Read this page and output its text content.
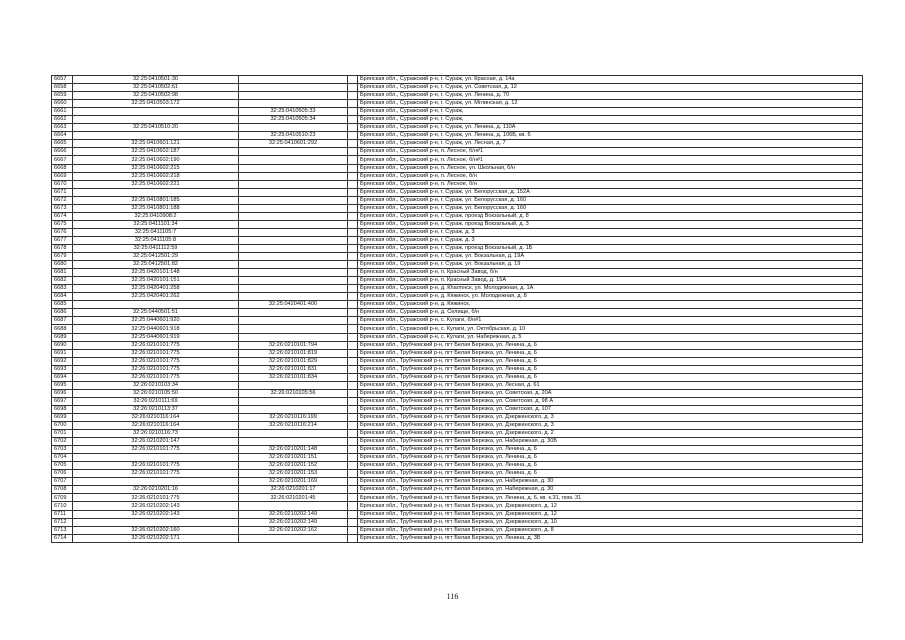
6657	32:25:0410501:30			Брянская обл., Суражский р-н, г. Сураж, ул. Красная, д. 14а
6658	32:25:0410502:61			Брянская обл., Суражский р-н, г. Сураж, ул. Советская, д. 12
6659	32:25:0410502:98			Брянская обл., Суражский р-н, г. Сураж, ул. Ленина, д. 70
6660	32:25:0410503:172			Брянская обл., Суражский р-н, г. Сураж, ул. Мглинская, д. 12
6661		32:25:0410505:33		Брянская обл., Суражский р-н, г. Сураж,
6662		32:25:0410505:34		Брянская обл., Суражский р-н, г. Сураж,
6663	32:25:0410510:20			Брянская обл., Суражский р-н, г. Сураж, ул. Ленина, д. 110А
6664		32:25:0410510:23		Брянская обл., Суражский р-н, г. Сураж, ул. Ленина, д. 106Б, кв. 6
6665	32:25:0410601:121	32:25:0410601:292		Брянская обл., Суражский р-н, г. Сураж, ул. Лесная, д. 7
6666	32:25:0410602:187			Брянская обл., Суражский р-н, п. Лесное, б/н#1
6667	32:25:0410602:190			Брянская обл., Суражский р-н, п. Лесное, б/н#1
6668	32:25:0410602:215			Брянская обл., Суражский р-н, п. Лесное, ул. Школьная, б/н
6669	32:25:0410602:218			Брянская обл., Суражский р-н, п. Лесное, б/н
6670	32:25:0410602:221			Брянская обл., Суражский р-н, п. Лесное, б/н
6671				Брянская обл., Суражский р-н, г. Сураж, ул. Белорусская, д. 152А
6672	32:25:0410801:185			Брянская обл., Суражский р-н, г. Сураж, ул. Белорусская, д. 160
6673	32:25:0410801:188			Брянская обл., Суражский р-н, г. Сураж, ул. Белорусская, д. 160
6674	32:25:0410908:2			Брянская обл., Суражский р-н, г. Сураж, проезд Вокзальный, д. 8
6675	32:25:0411101:34			Брянская обл., Суражский р-н, г. Сураж, проезд Вокзальный, д. 3
6676	32:25:0411105:7			Брянская обл., Суражский р-н, г. Сураж, д. 3
6677	32:25:0411105:8			Брянская обл., Суражский р-н, г. Сураж, д. 3
6678	32:25:0411112:59			Брянская обл., Суражский р-н, г. Сураж, проезд Вокзальный, д. 1Б
6679	32:25:0412501:29			Брянская обл., Суражский р-н, г. Сураж, ул. Вокзальная, д. 19А
6680	32:25:0412501:82			Брянская обл., Суражский р-н, г. Сураж, ул. Вокзальная, д. 19
6681	32:25:0420101:148			Брянская обл., Суражский р-н, п. Красный Завод, б/н
6682	32:25:0420101:151			Брянская обл., Суражский р-н, п. Красный Завод, д. 15А
6683	32:25:0420401:258			Брянская обл., Суражский р-н, д. Кharmнск, ул. Молодежная, д. 1А
6684	32:25:0420401:262			Брянская обл., Суражский р-н, д. Кяжинск, ул. Молодежная, д. 8
6685		32:25:0420401:400		Брянская обл., Суражский р-н, д. Кяжинск,
6686	32:25:0440501:51			Брянская обл., Суражский р-н, д. Селище, б/н
6687	32:25:0440601:920			Брянская обл., Суражский р-н, с. Кулаги, б/н#1
6688	32:25:0440601:918			Брянская обл., Суражский р-н, с. Кулаги, ул. Октябрьская, д. 10
6689	32:25:0440601:919			Брянская обл., Суражский р-н, с. Кулаги, ул. Набережная, д. 5
6690	32:26:0210101:775	32:26:0210101:794		Брянская обл., Трубчевский р-н, пгт Белая Березка, ул. Ленина, д. 6
6691	32:26:0210101:775	32:26:0210101:819		Брянская обл., Трубчевский р-н, пгт Белая Березка, ул. Ленина, д. 6
6692	32:26:0210101:775	32:26:0210101:829		Брянская обл., Трубчевский р-н, пгт Белая Березка, ул. Ленина, д. 6
6693	32:26:0210101:775	32:26:0210101:831		Брянская обл., Трубчевский р-н, пгт Белая Березка, ул. Ленина, д. 6
6694	32:26:0210101:775	32:26:0210101:834		Брянская обл., Трубчевский р-н, пгт Белая Березка, ул. Ленина, д. 6
6695	32:26:0210103:34			Брянская обл., Трубчевский р-н, пгт Белая Березка, ул. Лесная, д. 61
6696	32:26:0210105:50	32:26:0210105:56		Брянская обл., Трубчевский р-н, пгт Белая Березка, ул. Советская, д. 20А
6697	32:26:0210111:69			Брянская обл., Трубчевский р-н, пгт Белая Березка, ул. Советская, д. 98 А
6698	32:26:0210113:37			Брянская обл., Трубчевский р-н, пгт Белая Березка, ул. Советская, д. 107
6699	32:26:0210116:164	32:26:0210116:199		Брянская обл., Трубчевский р-н, пгт Белая Березка, ул. Дзержинского, д. 3
6700	32:26:0210116:164	32:26:0210116:214		Брянская обл., Трубчевский р-н, пгт Белая Березка, ул. Дзержинского, д. 3
6701	32:26:0210116:73			Брянская обл., Трубчевский р-н, пгт Белая Березка, ул. Дзержинского, д. 2
6702	32:26:0210201:147			Брянская обл., Трубчевский р-н, пгт Белая Березка, ул. Набережная, д. 30Б
6703	32:26:0210101:775	32:26:0210201:148		Брянская обл., Трубчевский р-н, пгт Белая Березка, ул. Ленина, д. 6
6704		32:26:0210201:151		Брянская обл., Трубчевский р-н, пгт Белая Березка, ул. Ленина, д. 6
6705	32:26:0210101:775	32:26:0210201:152		Брянская обл., Трубчевский р-н, пгт Белая Березка, ул. Ленина, д. 6
6706	32:26:0210101:775	32:26:0210201:153		Брянская обл., Трубчевский р-н, пгт Белая Березка, ул. Ленина, д. 6
6707		32:26:0210201:169		Брянская обл., Трубчевский р-н, пгт Белая Березка, ул. Набережная, д. 30
6708	32:26:0210201:16	32:26:0210201:17		Брянская обл., Трубчевский р-н, пгт Белая Березка, ул. Набережная, д. 30
6709	32:26:0210101:775	32:26:0210201:45		Брянская обл., Трубчевский р-н, пгт Белая Березка, ул. Ленина, д. 6, кв. к.31, пом. 31
6710	32:26:0210202:143			Брянская обл., Трубчевский р-н, пгт Белая Березка, ул. Дзержинского, д. 12
6711	32:26:0210202:143	32:26:0210202:149		Брянская обл., Трубчевский р-н, пгт Белая Березка, ул. Дзержинского, д. 12
6712		32:26:0210202:149		Брянская обл., Трубчевский р-н, пгт Белая Березка, ул. Дзержинского, д. 10
6713	32:26:0210202:160	32:26:0210202:162		Брянская обл., Трубчевский р-н, пгт Белая Березка, ул. Дзержинского, д. 8
6714	32:26:0210202:171			Брянская обл., Трубчевский р-н, пгт Белая Березка, ул. Ленина, д. 3Б
116
